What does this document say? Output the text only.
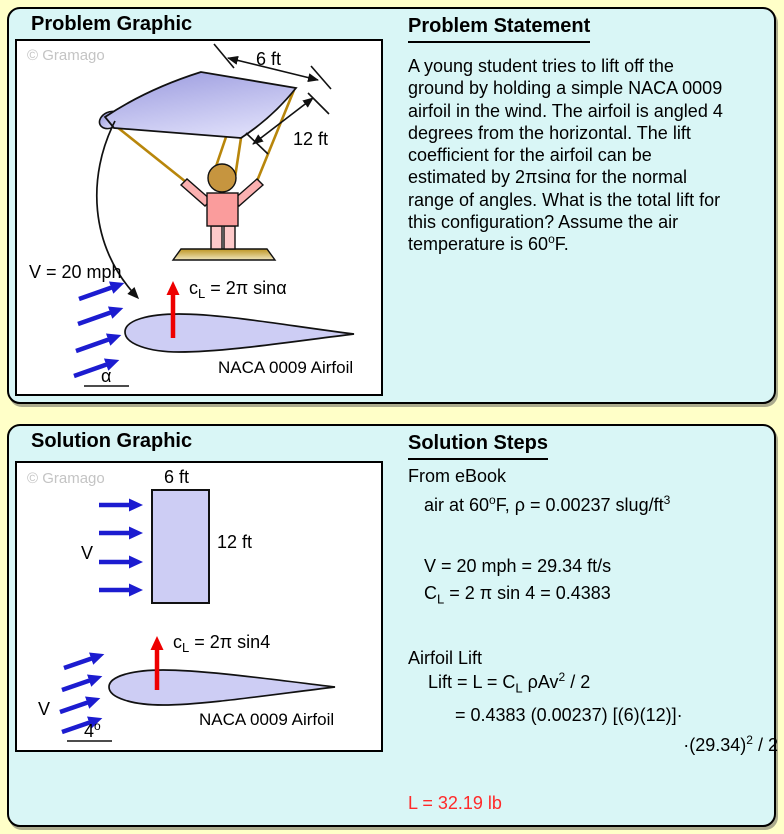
Problem Graphic
© Gramago	6 ft
12 ft
V = 20 mph
$c_L = 2\pi$ sinα
NACA 0009 Airfoil
α
Problem Statement
A young student tries to lift off the
ground by holding a simple NACA 0009
airfoil in the wind. The airfoil is angled 4
degrees from the horizontal. The lift
coefficient for the airfoil can be
estimated by 2πsinα for the normal
range of angles. What is the total lift for
this configuration? Assume the air
temperature is 60$^o$F.
Solution Graphic
© Gramago	6 ft
12 ft
V
$c_L = 2\pi$ sin4
V
NACA 0009 Airfoil
4$^o$
Solution Steps
From eBook
air at 60$^o$F, ρ = 0.00237 slug/$ft^3$
V = 20 mph = 29.34 ft/s
$C_L = 2$ π sin 4 = 0.4383
Airfoil Lift
Lift = $L = C_L$ ρAv$^2$ / 2
= 0.4383 (0.00237) [(6)(12)]·
$\cdot(29.34)^2 / 2$
L = 32.19 lb
